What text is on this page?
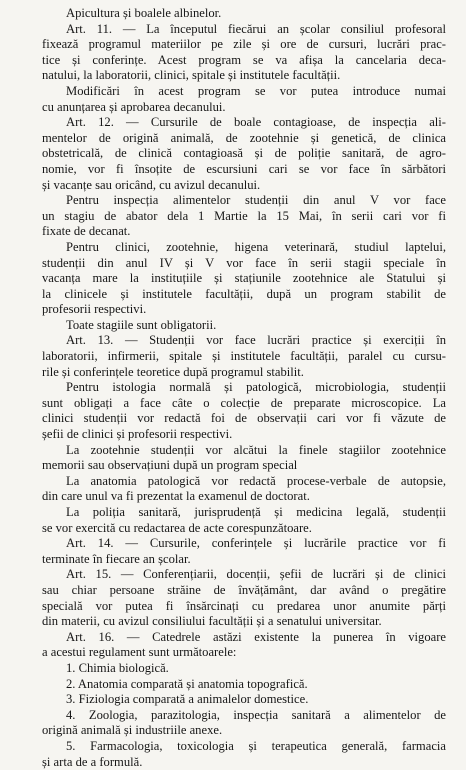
Apicultura și boalele albinelor.
Art. 11. — La începutul fiecărui an școlar consiliul profesoral
fixează programul materiilor pe zile și ore de cursuri, lucrări prac-
tice și conferințe. Acest program se va afișa la cancelaria deca-
natului, la laboratorii, clinici, spitale și institutele facultății.
Modificări în acest program se vor putea introduce numai
cu anunțarea și aprobarea decanului.
Art. 12. — Cursurile de boale contagioase, de inspecția ali-
mentelor de origină animală, de zootehnie și genetică, de clinica
obstetricală, de clinică contagioasă și de poliție sanitară, de agro-
nomie, vor fi însoțite de escursiuni cari se vor face în sărbători
și vacanțe sau oricând, cu avizul decanului.
Pentru inspecția alimentelor studenții din anul V vor face
un stagiu de abator dela 1 Martie la 15 Mai, în serii cari vor fi
fixate de decanat.
Pentru clinici, zootehnie, higena veterinară, studiul laptelui,
studenții din anul IV și V vor face în serii stagii speciale în
vacanța mare la instituțiile și stațiunile zootehnice ale Statului și
la clinicele și institutele facultății, după un program stabilit de
profesorii respectivi.
Toate stagiile sunt obligatorii.
Art. 13. — Studenții vor face lucrări practice și exerciții în
laboratorii, infirmerii, spitale și institutele facultății, paralel cu cursu-
rile și conferințele teoretice după programul stabilit.
Pentru istologia normală și patologică, microbiologia, studenții
sunt obligați a face câte o colecție de preparate microscopice. La
clinici studenții vor redactă foi de observații cari vor fi văzute de
șefii de clinici și profesorii respectivi.
La zootehnie studenții vor alcătui la finele stagiilor zootehnice
memorii sau observațiuni după un program special
La anatomia patologică vor redactă procese-verbale de autopsie,
din care unul va fi prezentat la examenul de doctorat.
La poliția sanitară, jurisprudență și medicina legală, studenții
se vor exercită cu redactarea de acte corespunzătoare.
Art. 14. — Cursurile, conferințele și lucrările practice vor fi
terminate în fiecare an școlar.
Art. 15. — Conferențiarii, docenții, șefii de lucrări și de clinici
sau chiar persoane străine de învățământ, dar având o pregătire
specială vor putea fi însărcinați cu predarea unor anumite părți
din materii, cu avizul consiliului facultății și a senatului universitar.
Art. 16. — Catedrele astăzi existente la punerea în vigoare
a acestui regulament sunt următoarele:
1. Chimia biologică.
2. Anatomia comparată și anatomia topografică.
3. Fiziologia comparată a animalelor domestice.
4. Zoologia, parazitologia, inspecția sanitară a alimentelor de
origină animală și industriile anexe.
5. Farmacologia, toxicologia și terapeutica generală, farmacia
și arta de a formulă.
